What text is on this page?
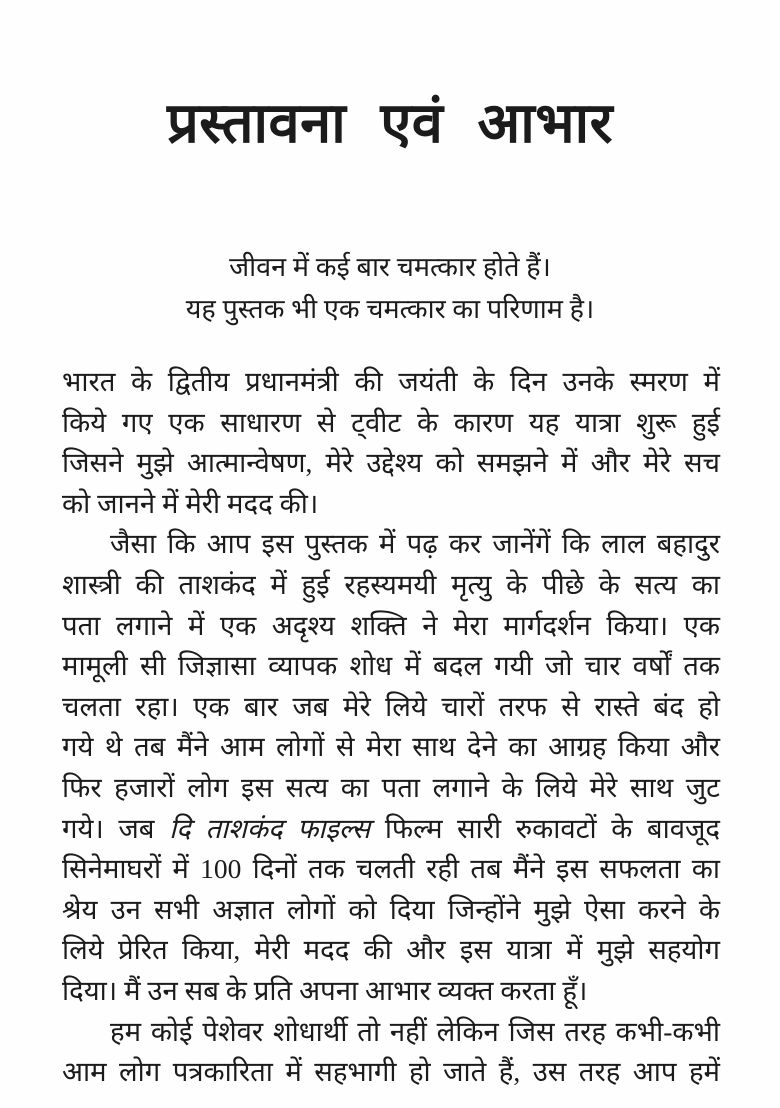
प्रस्तावना एवं आभार
जीवन में कई बार चमत्कार होते हैं।
यह पुस्तक भी एक चमत्कार का परिणाम है।
भारत के द्वितीय प्रधानमंत्री की जयंती के दिन उनके स्मरण में
किये गए एक साधारण से ट्वीट के कारण यह यात्रा शुरू हुई
जिसने मुझे आत्मान्वेषण, मेरे उद्देश्य को समझने में और मेरे सच
को जानने में मेरी मदद की।
जैसा कि आप इस पुस्तक में पढ़ कर जानेंगें कि लाल बहादुर
शास्त्री की ताशकंद में हुई रहस्यमयी मृत्यु के पीछे के सत्य का
पता लगाने में एक अदृश्य शक्ति ने मेरा मार्गदर्शन किया। एक
मामूली सी जिज्ञासा व्यापक शोध में बदल गयी जो चार वर्षों तक
चलता रहा। एक बार जब मेरे लिये चारों तरफ से रास्ते बंद हो
गये थे तब मैंने आम लोगों से मेरा साथ देने का आग्रह किया और
फिर हजारों लोग इस सत्य का पता लगाने के लिये मेरे साथ जुट
गये। जब दि ताशकंद फाइल्स फिल्म सारी रुकावटों के बावजूद
सिनेमाघरों में 100 दिनों तक चलती रही तब मैंने इस सफलता का
श्रेय उन सभी अज्ञात लोगों को दिया जिन्होंने मुझे ऐसा करने के
लिये प्रेरित किया, मेरी मदद की और इस यात्रा में मुझे सहयोग
दिया। मैं उन सब के प्रति अपना आभार व्यक्त करता हूँ।
हम कोई पेशेवर शोधार्थी तो नहीं लेकिन जिस तरह कभी-कभी
आम लोग पत्रकारिता में सहभागी हो जाते हैं, उस तरह आप हमें
